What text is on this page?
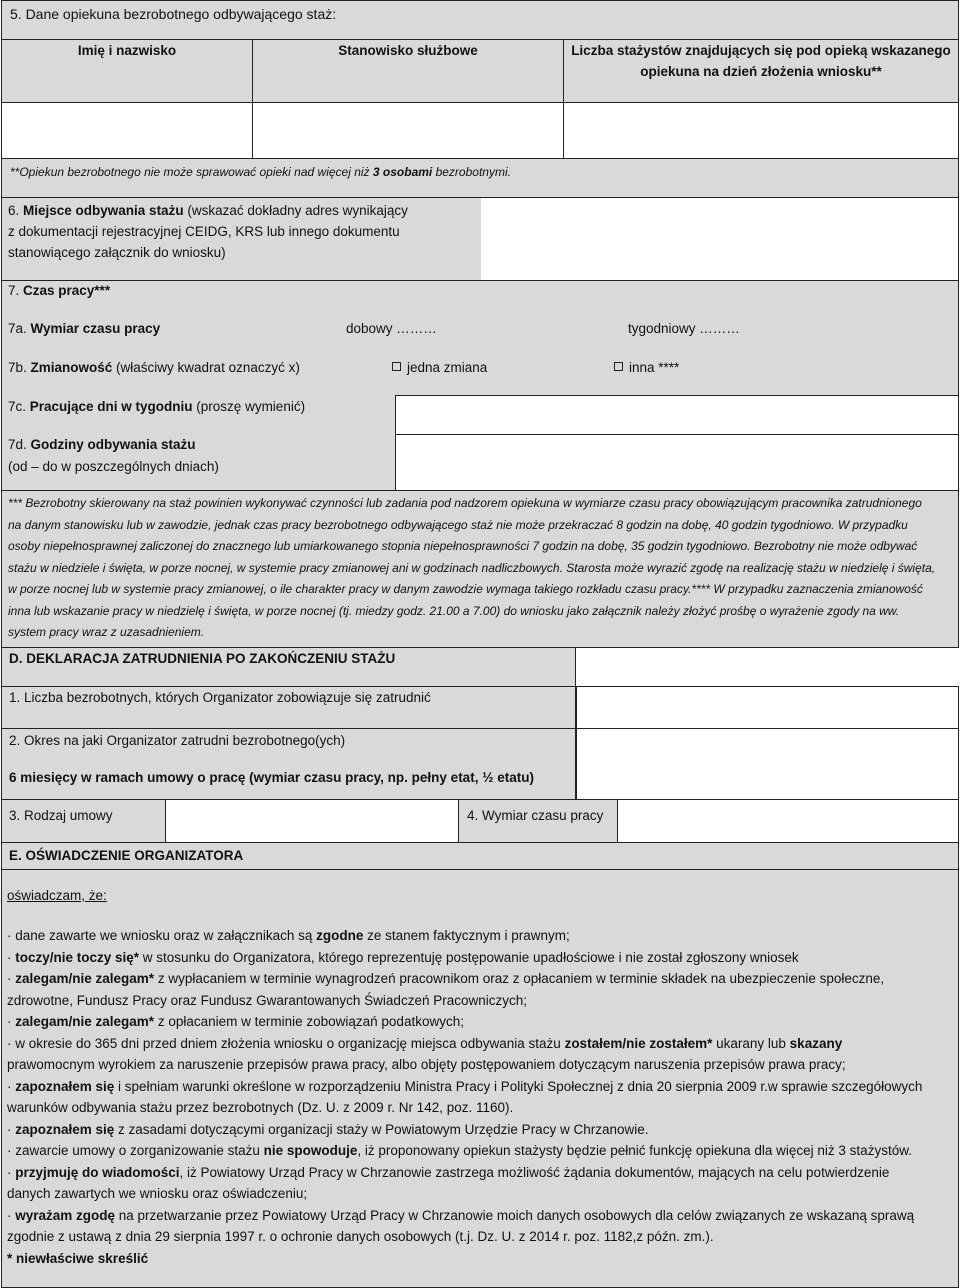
5. Dane opiekuna bezrobotnego odbywającego staż:
Imię i nazwisko	Stanowisko służbowe	Liczba stażystów znajdujących się pod opieką wskazanego
opiekuna na dzień złożenia wniosku**
**Opiekun bezrobotnego nie może sprawować opieki nad więcej niż 3 osobami bezrobotnymi.
6. Miejsce odbywania stażu (wskazać dokładny adres wynikający
z dokumentacji rejestracyjnej CEIDG, KRS lub innego dokumentu
stanowiącego załącznik do wniosku)
7. Czas pracy***
7a. Wymiar czasu pracy	dobowy ………	tygodniowy ………
7b. Zmianowość (właściwy kwadrat oznaczyć x)	jedna zmiana	inna ****
7c. Pracujące dni w tygodniu (proszę wymienić)
7d. Godziny odbywania stażu
(od – do w poszczególnych dniach)
*** Bezrobotny skierowany na staż powinien wykonywać czynności lub zadania pod nadzorem opiekuna w wymiarze czasu pracy obowiązującym pracownika zatrudnionego
na danym stanowisku lub w zawodzie, jednak czas pracy bezrobotnego odbywającego staż nie może przekraczać 8 godzin na dobę, 40 godzin tygodniowo. W przypadku
osoby niepełnosprawnej zaliczonej do znacznego lub umiarkowanego stopnia niepełnosprawności 7 godzin na dobę, 35 godzin tygodniowo. Bezrobotny nie może odbywać
stażu w niedziele i święta, w porze nocnej, w systemie pracy zmianowej ani w godzinach nadliczbowych. Starosta może wyrazić zgodę na realizację stażu w niedzielę i święta,
w porze nocnej lub w systemie pracy zmianowej, o ile charakter pracy w danym zawodzie wymaga takiego rozkładu czasu pracy.**** W przypadku zaznaczenia zmianowość
inna lub wskazanie pracy w niedzielę i święta, w porze nocnej (tj. miedzy godz. 21.00 a 7.00) do wniosku jako załącznik należy złożyć prośbę o wyrażenie zgody na ww.
system pracy wraz z uzasadnieniem.
D. DEKLARACJA ZATRUDNIENIA PO ZAKOŃCZENIU STAŻU
1. Liczba bezrobotnych, których Organizator zobowiązuje się zatrudnić
2. Okres na jaki Organizator zatrudni bezrobotnego(ych)
6 miesięcy w ramach umowy o pracę (wymiar czasu pracy, np. pełny etat, ½ etatu)
3. Rodzaj umowy	4. Wymiar czasu pracy
E. OŚWIADCZENIE ORGANIZATORA
oświadczam, że:

· dane zawarte we wniosku oraz w załącznikach są zgodne ze stanem faktycznym i prawnym;

· toczy/nie toczy się* w stosunku do Organizatora, którego reprezentuję postępowanie upadłościowe i nie został zgłoszony wniosek

· zalegam/nie zalegam* z wypłacaniem w terminie wynagrodzeń pracownikom oraz z opłacaniem w terminie składek na ubezpieczenie społeczne,

zdrowotne, Fundusz Pracy oraz Fundusz Gwarantowanych Świadczeń Pracowniczych;

· zalegam/nie zalegam* z opłacaniem w terminie zobowiązań podatkowych;

· w okresie do 365 dni przed dniem złożenia wniosku o organizację miejsca odbywania stażu zostałem/nie zostałem* ukarany lub skazany

prawomocnym wyrokiem za naruszenie przepisów prawa pracy, albo objęty postępowaniem dotyczącym naruszenia przepisów prawa pracy;

· zapoznałem się i spełniam warunki określone w rozporządzeniu Ministra Pracy i Polityki Społecznej z dnia 20 sierpnia 2009 r.w sprawie szczegółowych

warunków odbywania stażu przez bezrobotnych (Dz. U. z 2009 r. Nr 142, poz. 1160).

· zapoznałem się z zasadami dotyczącymi organizacji staży w Powiatowym Urzędzie Pracy w Chrzanowie.

· zawarcie umowy o zorganizowanie stażu nie spowoduje, iż proponowany opiekun stażysty będzie pełnić funkcję opiekuna dla więcej niż 3 stażystów.

· przyjmuję do wiadomości, iż Powiatowy Urząd Pracy w Chrzanowie zastrzega możliwość żądania dokumentów, mających na celu potwierdzenie

danych zawartych we wniosku oraz oświadczeniu;

· wyrażam zgodę na przetwarzanie przez Powiatowy Urząd Pracy w Chrzanowie moich danych osobowych dla celów związanych ze wskazaną sprawą

zgodnie z ustawą z dnia 29 sierpnia 1997 r. o ochronie danych osobowych (t.j. Dz. U. z 2014 r. poz. 1182,z późn. zm.).

* niewłaściwe skreślić
